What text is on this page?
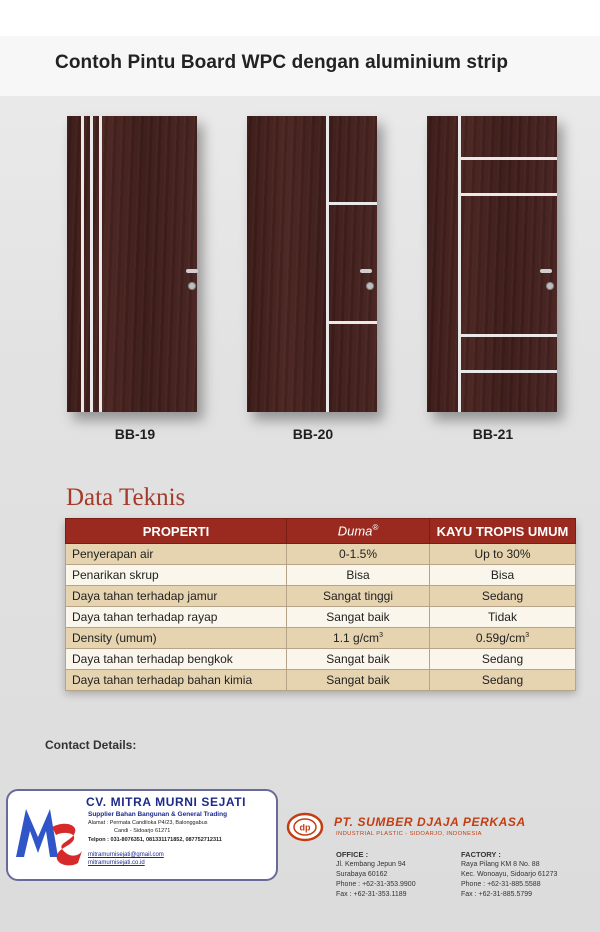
Contoh Pintu Board WPC dengan aluminium strip
BB-19	BB-20	BB-21
Data Teknis
PROPERTI	Duma®	KAYU TROPIS UMUM
Penyerapan air	0-1.5%	Up to 30%
Penarikan skrup	Bisa	Bisa
Daya tahan terhadap jamur	Sangat tinggi	Sedang
Daya tahan terhadap rayap	Sangat baik	Tidak
Density (umum)	1.1 $g/cm^3$	$0.59g/cm^3$
Daya tahan terhadap bengkok	Sangat baik	Sedang
Daya tahan terhadap bahan kimia	Sangat baik	Sedang
Contact Details:
CV. MITRA MURNI SEJATI
Supplier Bahan Bangunan & General Trading
Alamat : Permata Candiloka P4/23, Balonggabus
Candi - Sidoarjo 61271
Telpon : 031-8076351, 081331171852, 087752712311
mitramurnisejati@gmail.com
mitramurnisejati.co.id
dp PT. SUMBER DJAJA PERKASA
INDUSTRIAL PLASTIC - SIDOARJO, INDONESIA
OFFICE :
Jl. Kembang Jepun 94
Surabaya 60162
Phone : +62-31-353.9900
Fax : +62-31-353.1189
FACTORY :
Raya Pilang KM 8 No. 88
Kec. Wonoayu, Sidoarjo 61273
Phone : +62-31-885.5588
Fax : +62-31-885.5799
